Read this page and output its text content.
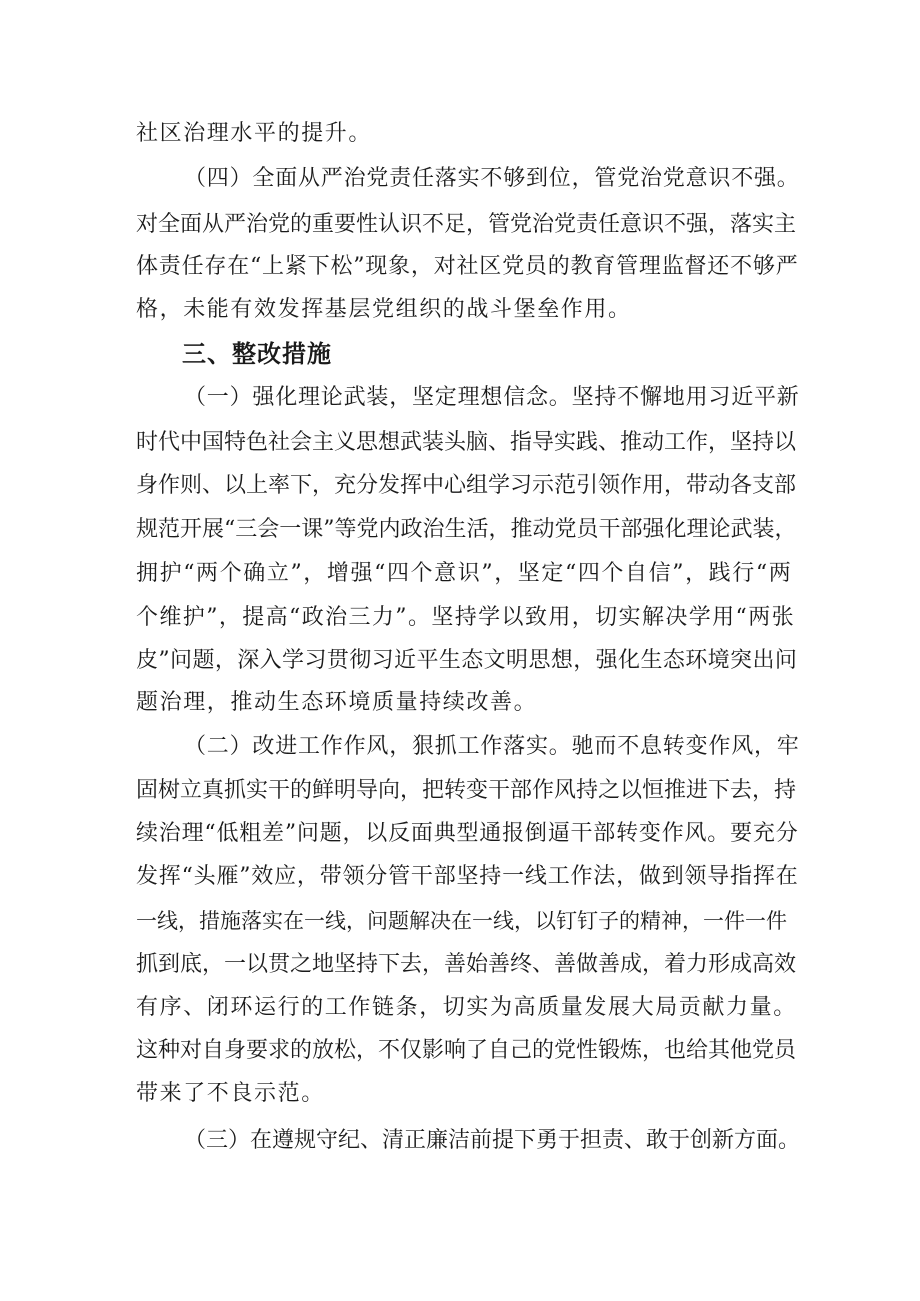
社区治理水平的提升。
（四）全面从严治党责任落实不够到位，管党治党意识不强。
对全面从严治党的重要性认识不足，管党治党责任意识不强，落实主
体责任存在“上紧下松”现象，对社区党员的教育管理监督还不够严
格，未能有效发挥基层党组织的战斗堡垒作用。
三、整改措施
（一）强化理论武装，坚定理想信念。坚持不懈地用习近平新
时代中国特色社会主义思想武装头脑、指导实践、推动工作，坚持以
身作则、以上率下，充分发挥中心组学习示范引领作用，带动各支部
规范开展“三会一课”等党内政治生活，推动党员干部强化理论武装，
拥护“两个确立”，增强“四个意识”，坚定“四个自信”，践行“两
个维护”，提高“政治三力”。坚持学以致用，切实解决学用“两张
皮”问题，深入学习贯彻习近平生态文明思想，强化生态环境突出问
题治理，推动生态环境质量持续改善。
（二）改进工作作风，狠抓工作落实。驰而不息转变作风，牢
固树立真抓实干的鲜明导向，把转变干部作风持之以恒推进下去，持
续治理“低粗差”问题，以反面典型通报倒逼干部转变作风。要充分
发挥“头雁”效应，带领分管干部坚持一线工作法，做到领导指挥在
一线，措施落实在一线，问题解决在一线，以钉钉子的精神，一件一件
抓到底，一以贯之地坚持下去，善始善终、善做善成，着力形成高效
有序、闭环运行的工作链条，切实为高质量发展大局贡献力量。
这种对自身要求的放松，不仅影响了自己的党性锻炼，也给其他党员
带来了不良示范。
（三）在遵规守纪、清正廉洁前提下勇于担责、敢于创新方面。
